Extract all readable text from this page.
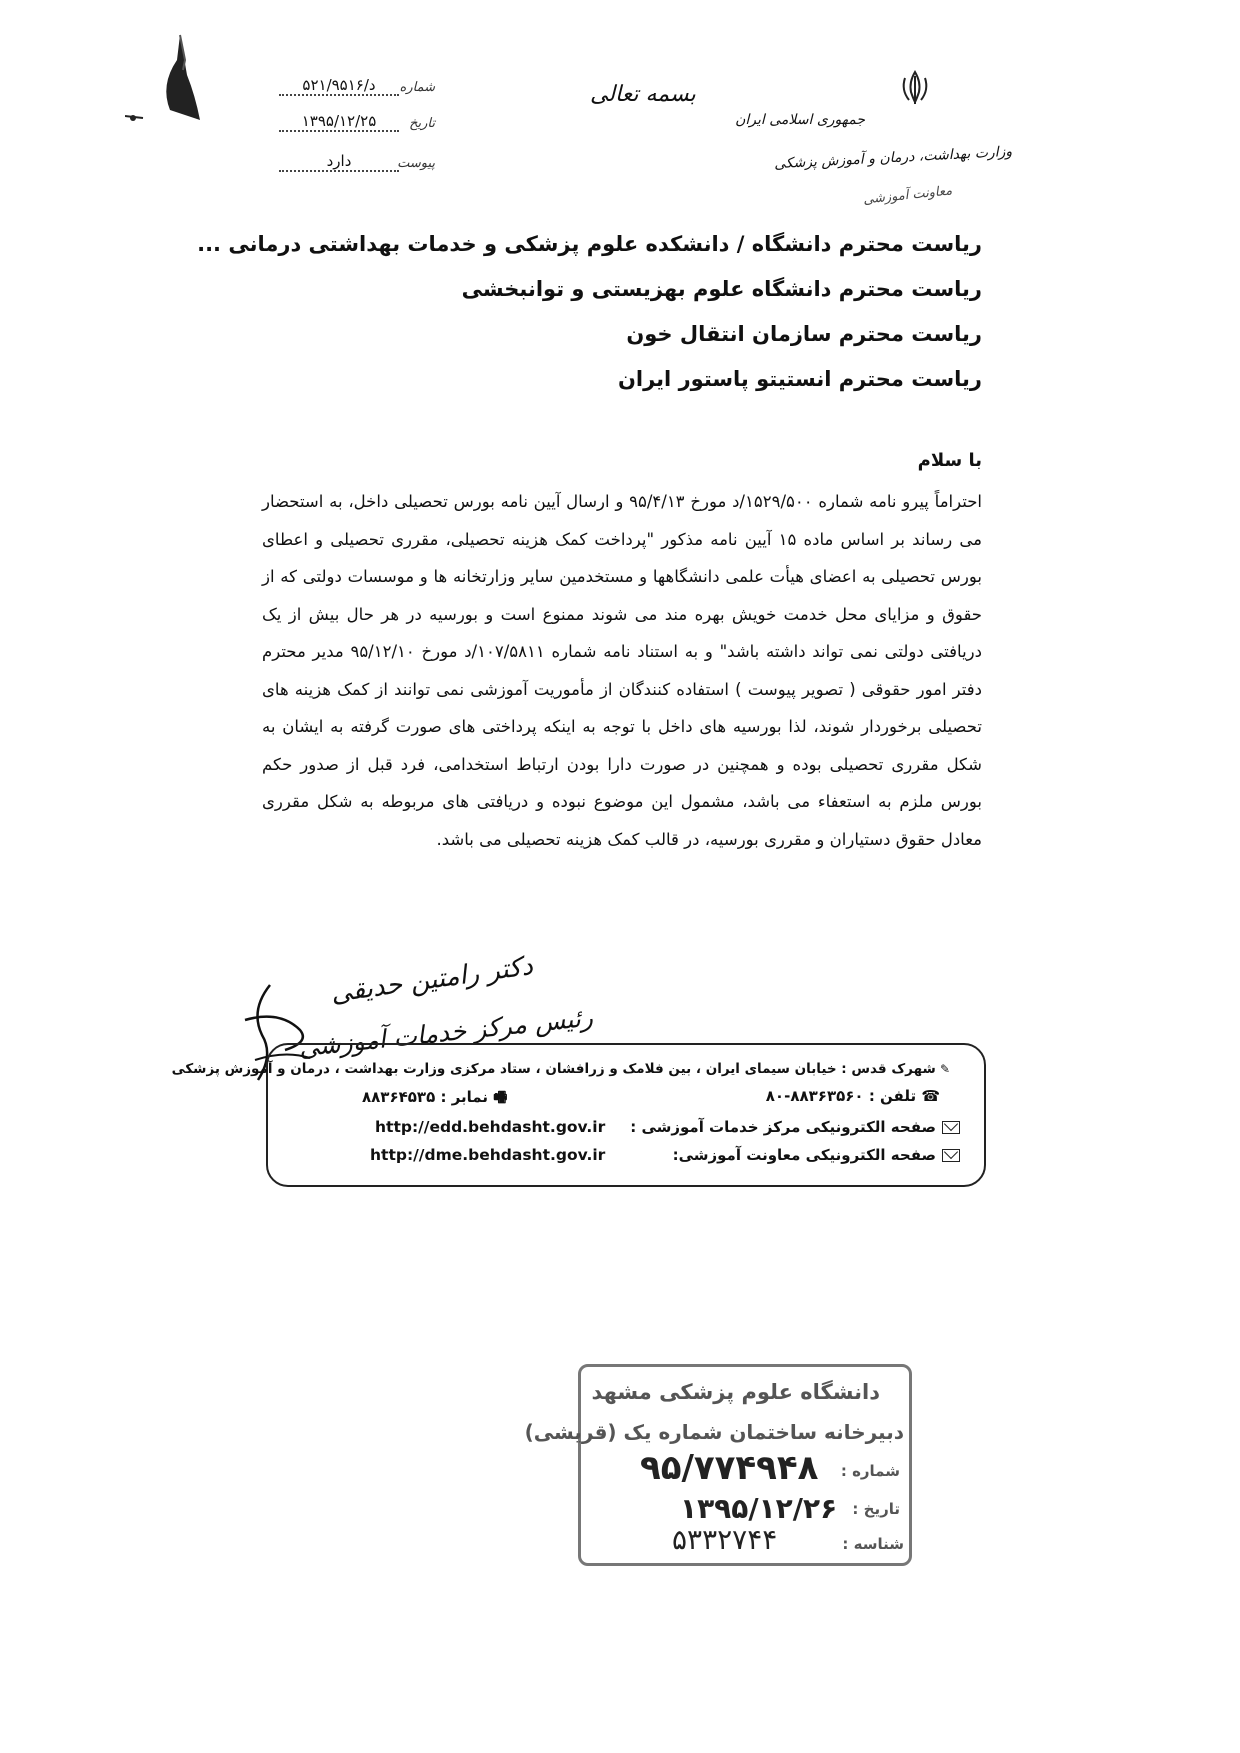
شماره
د/۵۲۱/۹۵۱۶
تاریخ
۱۳۹۵/۱۲/۲۵
پیوست
دارد
بسمه تعالی
جمهوری اسلامی ایران
وزارت بهداشت، درمان و آموزش پزشکی
معاونت آموزشی
ریاست محترم دانشگاه / دانشکده علوم پزشکی و خدمات بهداشتی درمانی ...
ریاست محترم دانشگاه علوم بهزیستی و توانبخشی
ریاست محترم سازمان انتقال خون
ریاست محترم انستیتو پاستور ایران
با سلام

احتراماً پیرو نامه شماره ۱۵۲۹/۵۰۰/د مورخ ۹۵/۴/۱۳ و ارسال آیین نامه بورس تحصیلی داخل، به استحضار می رساند بر اساس ماده ۱۵ آیین نامه مذکور "پرداخت کمک هزینه تحصیلی، مقرری تحصیلی و اعطای بورس تحصیلی به اعضای هیأت علمی دانشگاهها و مستخدمین سایر وزارتخانه ها و موسسات دولتی که از حقوق و مزایای محل خدمت خویش بهره مند می شوند ممنوع است و بورسیه در هر حال بیش از یک دریافتی دولتی نمی تواند داشته باشد" و به استناد نامه شماره ۱۰۷/۵۸۱۱/د مورخ ۹۵/۱۲/۱۰ مدیر محترم دفتر امور حقوقی ( تصویر پیوست ) استفاده کنندگان از مأموریت آموزشی نمی توانند از کمک هزینه های تحصیلی برخوردار شوند، لذا بورسیه های داخل با توجه به اینکه پرداختی های صورت گرفته به ایشان به شکل مقرری تحصیلی بوده و همچنین در صورت دارا بودن ارتباط استخدامی، فرد قبل از صدور حکم بورس ملزم به استعفاء می باشد، مشمول این موضوع نبوده و دریافتی های مربوطه به شکل مقرری معادل حقوق دستیاران و مقرری بورسیه، در قالب کمک هزینه تحصیلی می باشد.

دکتر رامتین حدیقی
رئیس مرکز خدمات آموزشی
✎ شهرک قدس : خیابان سیمای ایران ، بین فلامک و زرافشان ، ستاد مرکزی وزارت بهداشت ، درمان و آموزش پزشکی
☎ تلفن : ۸۸۳۶۳۵۶۰-۸۰
🖷 نمابر : ۸۸۳۶۴۵۳۵
صفحه الکترونیکی مرکز خدمات آموزشی :
http://edd.behdasht.gov.ir
صفحه الکترونیکی معاونت آموزشی:
http://dme.behdasht.gov.ir
دانشگاه علوم پزشکی مشهد
دبیرخانه ساختمان شماره یک (قریشی)
شماره :
۹۵/۷۷۴۹۴۸
تاریخ :
۱۳۹۵/۱۲/۲۶
شناسه :
۵۳۳۲۷۴۴
